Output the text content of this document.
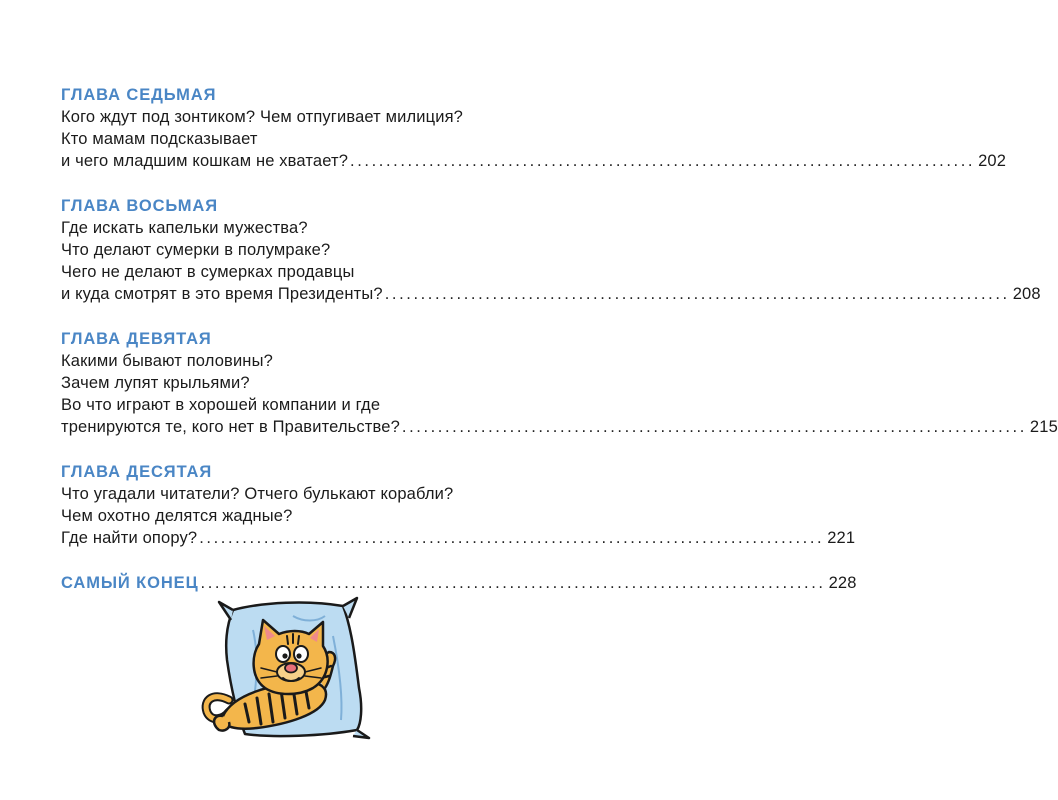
ГЛАВА СЕДЬМАЯ
Кого ждут под зонтиком? Чем отпугивает милиция?
Кто мамам подсказывает
и чего младшим кошкам не хватает? ....................................................................................... 202
ГЛАВА ВОСЬМАЯ
Где искать капельки мужества?
Что делают сумерки в полумраке?
Чего не делают в сумерках продавцы
и куда смотрят в это время Президенты? ....................................................................................... 208
ГЛАВА ДЕВЯТАЯ
Какими бывают половины?
Зачем лупят крыльями?
Во что играют в хорошей компании и где
тренируются те, кого нет в Правительстве? ....................................................................................... 215
ГЛАВА ДЕСЯТАЯ
Что угадали читатели? Отчего булькают корабли?
Чем охотно делятся жадные?
Где найти опору? ....................................................................................... 221
САМЫЙ КОНЕЦ ....................................................................................... 228
